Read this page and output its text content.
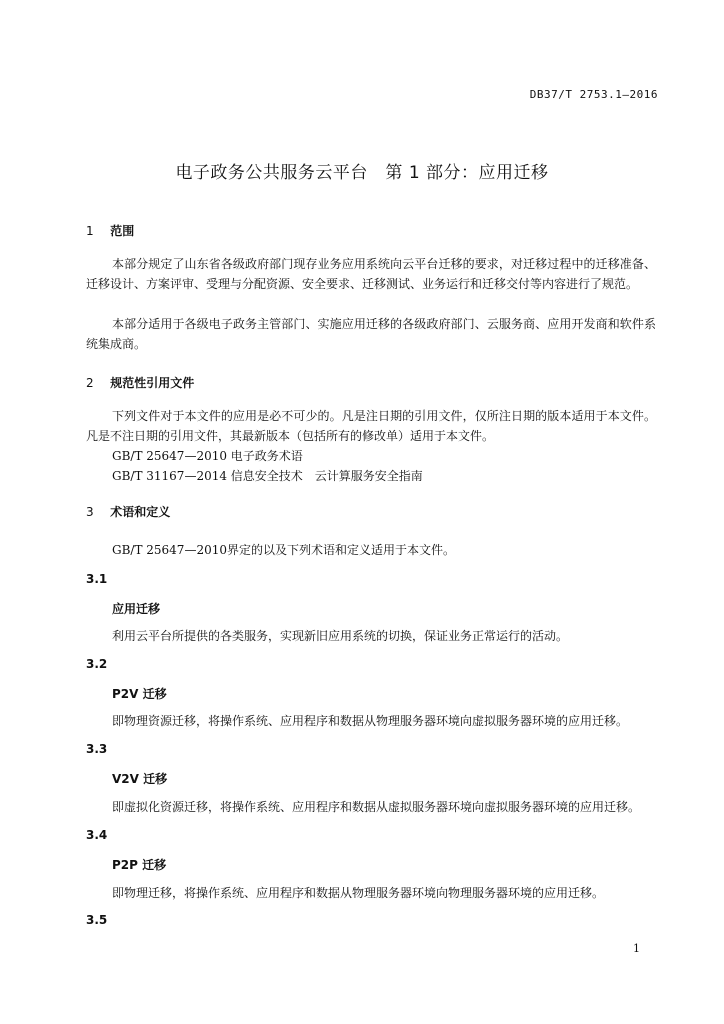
DB37/T 2753.1—2016
电子政务公共服务云平台　第 1 部分：应用迁移
1 范围

本部分规定了山东省各级政府部门现存业务应用系统向云平台迁移的要求，对迁移过程中的迁移准备、迁移设计、方案评审、受理与分配资源、安全要求、迁移测试、业务运行和迁移交付等内容进行了规范。

本部分适用于各级电子政务主管部门、实施应用迁移的各级政府部门、云服务商、应用开发商和软件系统集成商。

2 规范性引用文件

下列文件对于本文件的应用是必不可少的。凡是注日期的引用文件，仅所注日期的版本适用于本文件。凡是不注日期的引用文件，其最新版本（包括所有的修改单）适用于本文件。

GB/T 25647—2010 电子政务术语
GB/T 31167—2014 信息安全技术　云计算服务安全指南
3 术语和定义
GB/T 25647—2010界定的以及下列术语和定义适用于本文件。
3.1
应用迁移
利用云平台所提供的各类服务，实现新旧应用系统的切换，保证业务正常运行的活动。
3.2
P2V 迁移
即物理资源迁移，将操作系统、应用程序和数据从物理服务器环境向虚拟服务器环境的应用迁移。
3.3
V2V 迁移
即虚拟化资源迁移，将操作系统、应用程序和数据从虚拟服务器环境向虚拟服务器环境的应用迁移。
3.4
P2P 迁移
即物理迁移，将操作系统、应用程序和数据从物理服务器环境向物理服务器环境的应用迁移。
3.5
1
